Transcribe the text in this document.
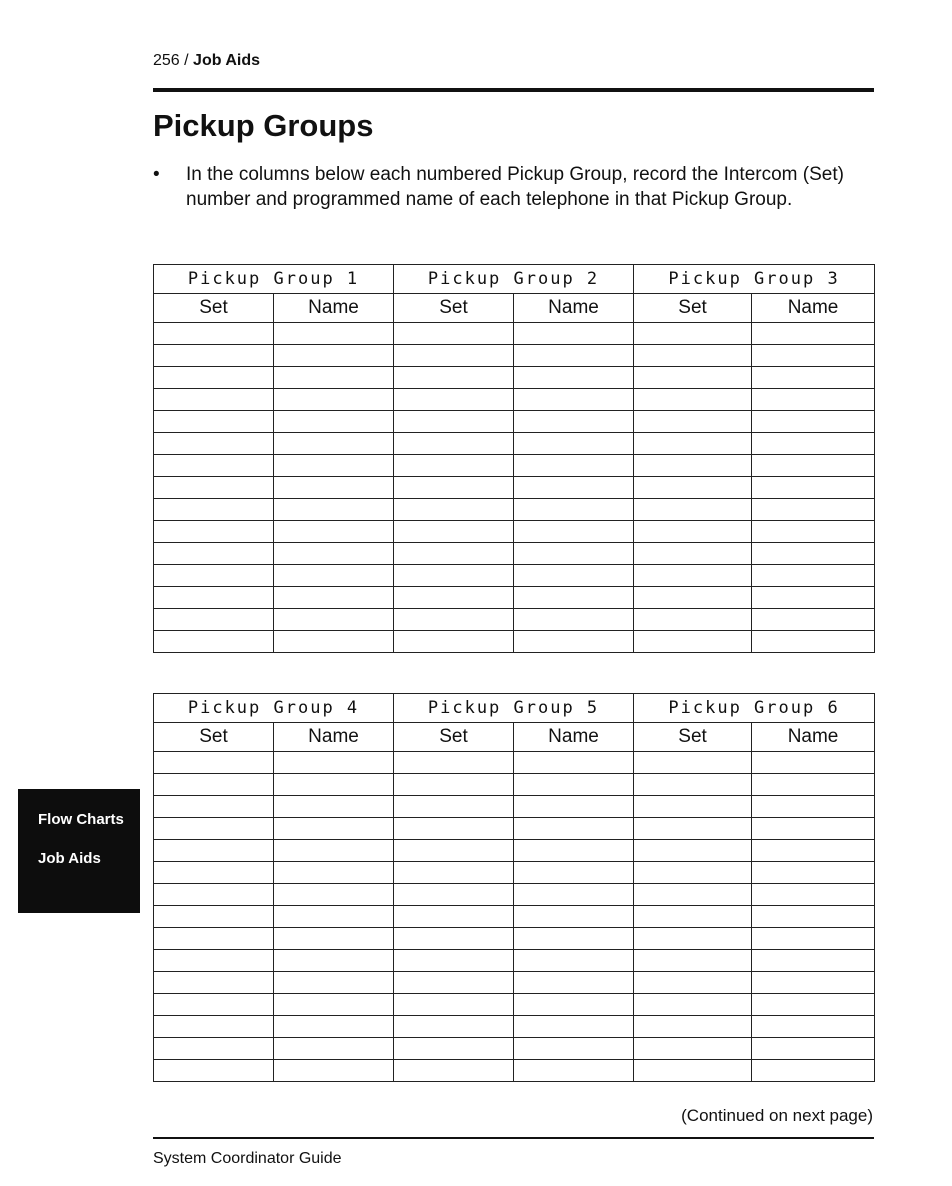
256 / Job Aids
Pickup Groups
• In the columns below each numbered Pickup Group, record the Intercom (Set) number and programmed name of each telephone in that Pickup Group.
Pickup Group 1		Pickup Group 2		Pickup Group 3	
Set	Name	Set	Name	Set	Name

Pickup Group 4		Pickup Group 5		Pickup Group 6	
Set	Name	Set	Name	Set	Name

(Continued on next page)
System Coordinator Guide
Flow Charts
Job Aids
